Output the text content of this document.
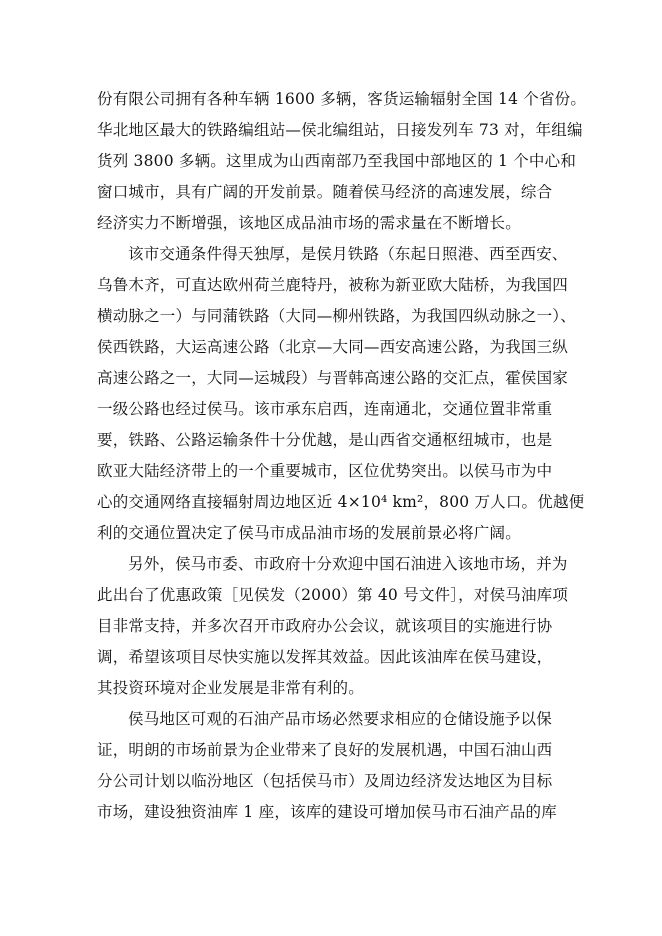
份有限公司拥有各种车辆 1600 多辆，客货运输辐射全国 14 个省份。
华北地区最大的铁路编组站—侯北编组站，日接发列车 73 对，年组编
货列 3800 多辆。这里成为山西南部乃至我国中部地区的 1 个中心和
窗口城市，具有广阔的开发前景。随着侯马经济的高速发展，综合
经济实力不断增强，该地区成品油市场的需求量在不断增长。
该市交通条件得天独厚，是侯月铁路（东起日照港、西至西安、
乌鲁木齐，可直达欧州荷兰鹿特丹，被称为新亚欧大陆桥，为我国四
横动脉之一）与同蒲铁路（大同—柳州铁路，为我国四纵动脉之一）、
侯西铁路，大运高速公路（北京—大同—西安高速公路，为我国三纵
高速公路之一，大同—运城段）与晋韩高速公路的交汇点，霍侯国家
一级公路也经过侯马。该市承东启西，连南通北，交通位置非常重
要，铁路、公路运输条件十分优越，是山西省交通枢纽城市，也是
欧亚大陆经济带上的一个重要城市，区位优势突出。以侯马市为中
心的交通网络直接辐射周边地区近 4×10⁴ km²，800 万人口。优越便
利的交通位置决定了侯马市成品油市场的发展前景必将广阔。
另外，侯马市委、市政府十分欢迎中国石油进入该地市场，并为
此出台了优惠政策［见侯发（2000）第 40 号文件］，对侯马油库项
目非常支持，并多次召开市政府办公会议，就该项目的实施进行协
调，希望该项目尽快实施以发挥其效益。因此该油库在侯马建设，
其投资环境对企业发展是非常有利的。
侯马地区可观的石油产品市场必然要求相应的仓储设施予以保
证，明朗的市场前景为企业带来了良好的发展机遇，中国石油山西
分公司计划以临汾地区（包括侯马市）及周边经济发达地区为目标
市场，建设独资油库 1 座，该库的建设可增加侯马市石油产品的库
